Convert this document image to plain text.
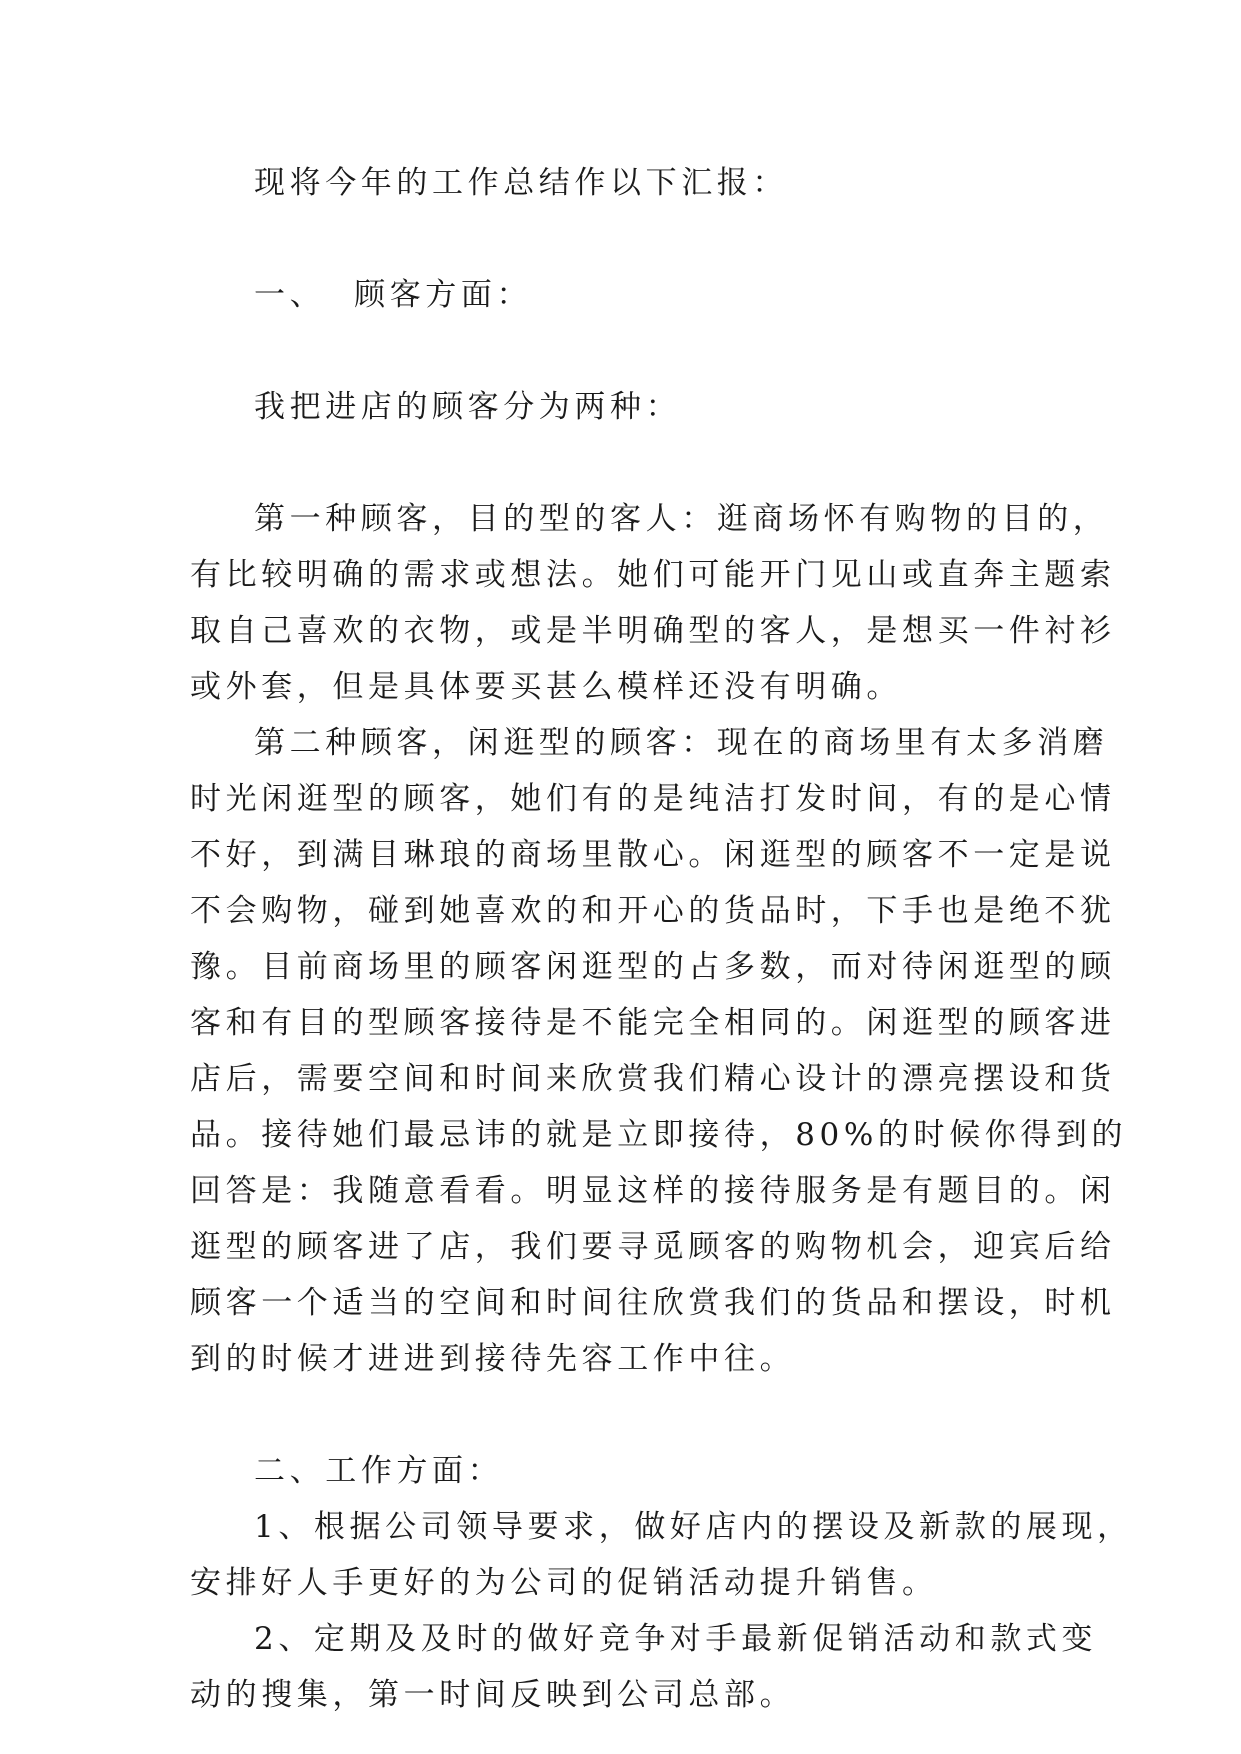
现将今年的工作总结作以下汇报：
一、  顾客方面：
我把进店的顾客分为两种：
第一种顾客，目的型的客人：逛商场怀有购物的目的，
有比较明确的需求或想法。她们可能开门见山或直奔主题索
取自己喜欢的衣物，或是半明确型的客人，是想买一件衬衫
或外套，但是具体要买甚么模样还没有明确。
第二种顾客，闲逛型的顾客：现在的商场里有太多消磨
时光闲逛型的顾客，她们有的是纯洁打发时间，有的是心情
不好，到满目琳琅的商场里散心。闲逛型的顾客不一定是说
不会购物，碰到她喜欢的和开心的货品时，下手也是绝不犹
豫。目前商场里的顾客闲逛型的占多数，而对待闲逛型的顾
客和有目的型顾客接待是不能完全相同的。闲逛型的顾客进
店后，需要空间和时间来欣赏我们精心设计的漂亮摆设和货
品。接待她们最忌讳的就是立即接待，80%的时候你得到的
回答是：我随意看看。明显这样的接待服务是有题目的。闲
逛型的顾客进了店，我们要寻觅顾客的购物机会，迎宾后给
顾客一个适当的空间和时间往欣赏我们的货品和摆设，时机
到的时候才进进到接待先容工作中往。
二、工作方面：
1、根据公司领导要求，做好店内的摆设及新款的展现，
安排好人手更好的为公司的促销活动提升销售。
2、定期及及时的做好竞争对手最新促销活动和款式变
动的搜集，第一时间反映到公司总部。
